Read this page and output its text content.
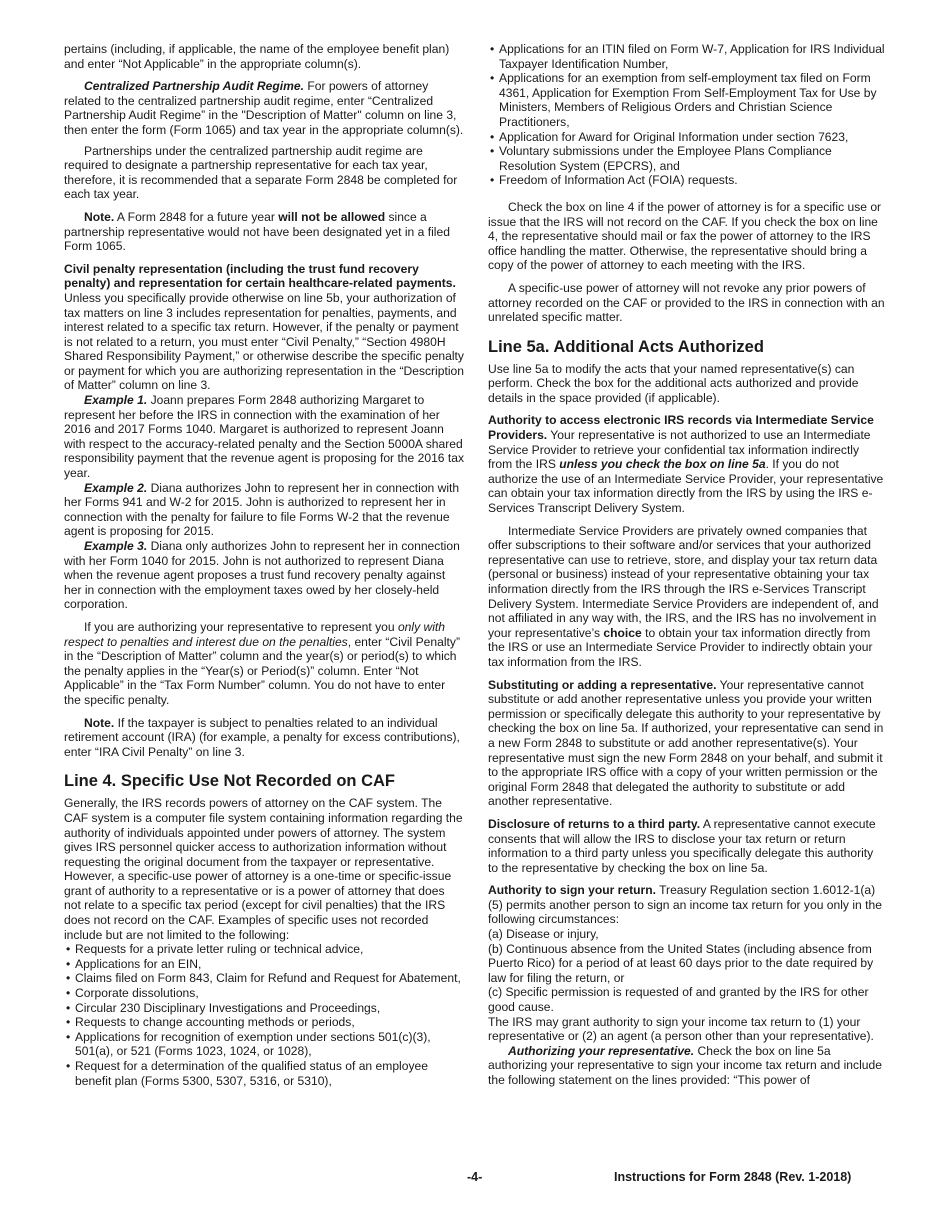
pertains (including, if applicable, the name of the employee benefit plan) and enter “Not Applicable” in the appropriate column(s).

Centralized Partnership Audit Regime. For powers of attorney related to the centralized partnership audit regime, enter “Centralized Partnership Audit Regime” in the "Description of Matter" column on line 3, then enter the form (Form 1065) and tax year in the appropriate column(s).

Partnerships under the centralized partnership audit regime are required to designate a partnership representative for each tax year, therefore, it is recommended that a separate Form 2848 be completed for each tax year.

Note. A Form 2848 for a future year will not be allowed since a partnership representative would not have been designated yet in a filed Form 1065.

Civil penalty representation (including the trust fund recovery penalty) and representation for certain healthcare-related payments. Unless you specifically provide otherwise on line 5b, your authorization of tax matters on line 3 includes representation for penalties, payments, and interest related to a specific tax return. However, if the penalty or payment is not related to a return, you must enter “Civil Penalty,” “Section 4980H Shared Responsibility Payment,” or otherwise describe the specific penalty or payment for which you are authorizing representation in the “Description of Matter” column on line 3.

Example 1. Joann prepares Form 2848 authorizing Margaret to represent her before the IRS in connection with the examination of her 2016 and 2017 Forms 1040. Margaret is authorized to represent Joann with respect to the accuracy-related penalty and the Section 5000A shared responsibility payment that the revenue agent is proposing for the 2016 tax year.

Example 2. Diana authorizes John to represent her in connection with her Forms 941 and W-2 for 2015. John is authorized to represent her in connection with the penalty for failure to file Forms W-2 that the revenue agent is proposing for 2015.

Example 3. Diana only authorizes John to represent her in connection with her Form 1040 for 2015. John is not authorized to represent Diana when the revenue agent proposes a trust fund recovery penalty against her in connection with the employment taxes owed by her closely-held corporation.

If you are authorizing your representative to represent you only with respect to penalties and interest due on the penalties, enter “Civil Penalty” in the “Description of Matter” column and the year(s) or period(s) to which the penalty applies in the “Year(s) or Period(s)” column. Enter “Not Applicable” in the “Tax Form Number” column. You do not have to enter the specific penalty.

Note. If the taxpayer is subject to penalties related to an individual retirement account (IRA) (for example, a penalty for excess contributions), enter “IRA Civil Penalty” on line 3.

Line 4. Specific Use Not Recorded on CAF

Generally, the IRS records powers of attorney on the CAF system. The CAF system is a computer file system containing information regarding the authority of individuals appointed under powers of attorney. The system gives IRS personnel quicker access to authorization information without requesting the original document from the taxpayer or representative. However, a specific-use power of attorney is a one-time or specific-issue grant of authority to a representative or is a power of attorney that does not relate to a specific tax period (except for civil penalties) that the IRS does not record on the CAF. Examples of specific uses not recorded include but are not limited to the following:

• Requests for a private letter ruling or technical advice,
• Applications for an EIN,
• Claims filed on Form 843, Claim for Refund and Request for Abatement,
• Corporate dissolutions,
• Circular 230 Disciplinary Investigations and Proceedings,
• Requests to change accounting methods or periods,
• Applications for recognition of exemption under sections 501(c)(3), 501(a), or 521 (Forms 1023, 1024, or 1028),
• Request for a determination of the qualified status of an employee benefit plan (Forms 5300, 5307, 5316, or 5310),
• Applications for an ITIN filed on Form W-7, Application for IRS Individual Taxpayer Identification Number,
• Applications for an exemption from self-employment tax filed on Form 4361, Application for Exemption From Self-Employment Tax for Use by Ministers, Members of Religious Orders and Christian Science Practitioners,
• Application for Award for Original Information under section 7623,
• Voluntary submissions under the Employee Plans Compliance Resolution System (EPCRS), and
• Freedom of Information Act (FOIA) requests.

Check the box on line 4 if the power of attorney is for a specific use or issue that the IRS will not record on the CAF. If you check the box on line 4, the representative should mail or fax the power of attorney to the IRS office handling the matter. Otherwise, the representative should bring a copy of the power of attorney to each meeting with the IRS.

A specific-use power of attorney will not revoke any prior powers of attorney recorded on the CAF or provided to the IRS in connection with an unrelated specific matter.

Line 5a. Additional Acts Authorized

Use line 5a to modify the acts that your named representative(s) can perform. Check the box for the additional acts authorized and provide details in the space provided (if applicable).

Authority to access electronic IRS records via Intermediate Service Providers. Your representative is not authorized to use an Intermediate Service Provider to retrieve your confidential tax information indirectly from the IRS unless you check the box on line 5a. If you do not authorize the use of an Intermediate Service Provider, your representative can obtain your tax information directly from the IRS by using the IRS e-Services Transcript Delivery System.

Intermediate Service Providers are privately owned companies that offer subscriptions to their software and/or services that your authorized representative can use to retrieve, store, and display your tax return data (personal or business) instead of your representative obtaining your tax information directly from the IRS through the IRS e-Services Transcript Delivery System. Intermediate Service Providers are independent of, and not affiliated in any way with, the IRS, and the IRS has no involvement in your representative’s choice to obtain your tax information directly from the IRS or use an Intermediate Service Provider to indirectly obtain your tax information from the IRS.

Substituting or adding a representative. Your representative cannot substitute or add another representative unless you provide your written permission or specifically delegate this authority to your representative by checking the box on line 5a. If authorized, your representative can send in a new Form 2848 to substitute or add another representative(s). Your representative must sign the new Form 2848 on your behalf, and submit it to the appropriate IRS office with a copy of your written permission or the original Form 2848 that delegated the authority to substitute or add another representative.

Disclosure of returns to a third party. A representative cannot execute consents that will allow the IRS to disclose your tax return or return information to a third party unless you specifically delegate this authority to the representative by checking the box on line 5a.

Authority to sign your return. Treasury Regulation section 1.6012-1(a)(5) permits another person to sign an income tax return for you only in the following circumstances:

(a) Disease or injury,

(b) Continuous absence from the United States (including absence from Puerto Rico) for a period of at least 60 days prior to the date required by law for filing the return, or

(c) Specific permission is requested of and granted by the IRS for other good cause.

The IRS may grant authority to sign your income tax return to (1) your representative or (2) an agent (a person other than your representative).

Authorizing your representative. Check the box on line 5a authorizing your representative to sign your income tax return and include the following statement on the lines provided: “This power of

-4-	Instructions for Form 2848 (Rev. 1-2018)
